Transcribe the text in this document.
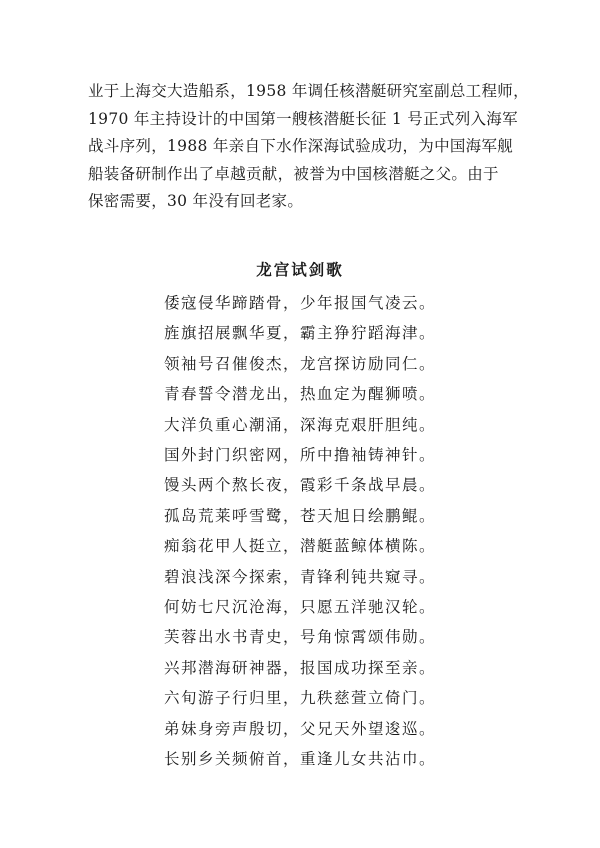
业于上海交大造船系，1958 年调任核潜艇研究室副总工程师，
1970 年主持设计的中国第一艘核潜艇长征 1 号正式列入海军
战斗序列，1988 年亲自下水作深海试验成功，为中国海军舰
船装备研制作出了卓越贡献，被誉为中国核潜艇之父。由于
保密需要，30 年没有回老家。
龙宫试剑歌
倭寇侵华蹄踏骨，少年报国气凌云。
旌旗招展飘华夏，霸主狰狞蹈海津。
领袖号召催俊杰，龙宫探访励同仁。
青春誓令潜龙出，热血定为醒狮喷。
大洋负重心潮涌，深海克艰肝胆纯。
国外封门织密网，所中撸袖铸神针。
馒头两个熬长夜，霞彩千条战早晨。
孤岛荒莱呼雪鹭，苍天旭日绘鹏鲲。
痴翁花甲人挺立，潜艇蓝鲸体横陈。
碧浪浅深今探索，青锋利钝共窥寻。
何妨七尺沉沧海，只愿五洋驰汉轮。
芙蓉出水书青史，号角惊霄颂伟勋。
兴邦潜海研神器，报国成功探至亲。
六旬游子行归里，九秩慈萱立倚门。
弟妹身旁声殷切，父兄天外望逡巡。
长别乡关频俯首，重逢儿女共沾巾。
